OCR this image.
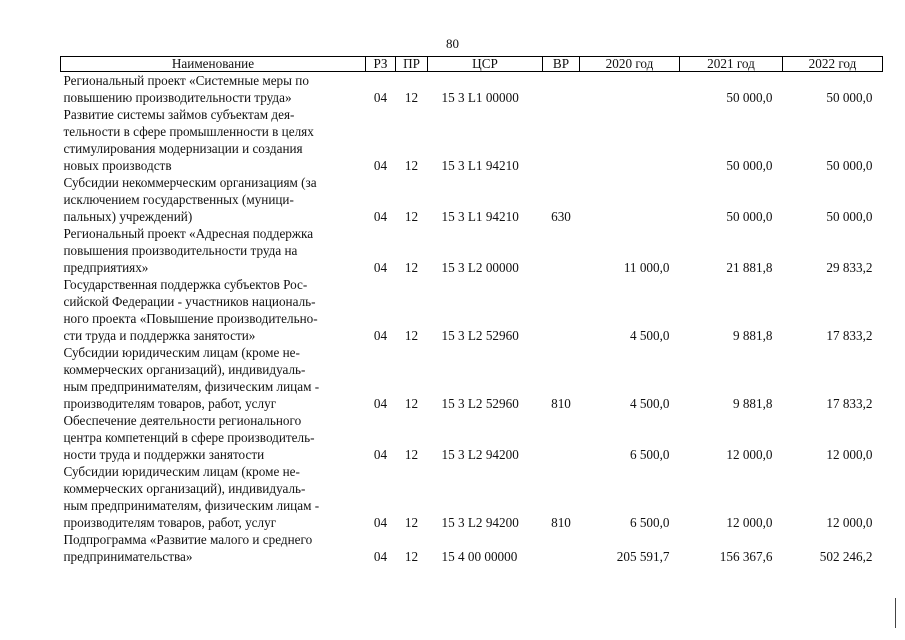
80
Наименование	РЗ	ПР	ЦСР	ВР	2020 год	2021 год	2022 год
Региональный проект «Системные меры по
повышению производительности труда»	04	12	15 3 L1 00000			50 000,0	50 000,0
Развитие системы займов субъектам дея-
тельности в сфере промышленности в целях
стимулирования модернизации и создания
новых производств	04	12	15 3 L1 94210			50 000,0	50 000,0
Субсидии некоммерческим организациям (за
исключением государственных (муници-
пальных) учреждений)	04	12	15 3 L1 94210	630		50 000,0	50 000,0
Региональный проект «Адресная поддержка
повышения производительности труда на
предприятиях»	04	12	15 3 L2 00000		11 000,0	21 881,8	29 833,2
Государственная поддержка субъектов Рос-
сийской Федерации - участников националь-
ного проекта «Повышение производительно-
сти труда и поддержка занятости»	04	12	15 3 L2 52960		4 500,0	9 881,8	17 833,2
Субсидии юридическим лицам (кроме не-
коммерческих организаций), индивидуаль-
ным предпринимателям, физическим лицам -
производителям товаров, работ, услуг	04	12	15 3 L2 52960	810	4 500,0	9 881,8	17 833,2
Обеспечение деятельности регионального
центра компетенций в сфере производитель-
ности труда и поддержки занятости	04	12	15 3 L2 94200		6 500,0	12 000,0	12 000,0
Субсидии юридическим лицам (кроме не-
коммерческих организаций), индивидуаль-
ным предпринимателям, физическим лицам -
производителям товаров, работ, услуг	04	12	15 3 L2 94200	810	6 500,0	12 000,0	12 000,0
Подпрограмма «Развитие малого и среднего
предпринимательства»	04	12	15 4 00 00000		205 591,7	156 367,6	502 246,2
